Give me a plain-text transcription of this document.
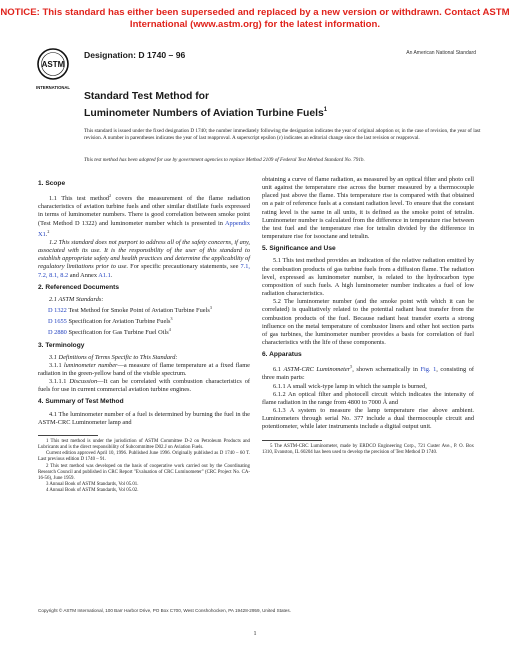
NOTICE: This standard has either been superseded and replaced by a new version or withdrawn. Contact ASTM
International (www.astm.org) for the latest information.
ASTM
INTERNATIONAL
Designation: D 1740 – 96	An American National Standard
Standard Test Method for
Luminometer Numbers of Aviation Turbine Fuels$^1$
This standard is issued under the fixed designation D 1740; the number immediately following the designation indicates the year of original adoption or, in the case of revision, the year of last revision. A number in parentheses indicates the year of last reapproval. A superscript epsilon (ε) indicates an editorial change since the last revision or reapproval.
This test method has been adopted for use by government agencies to replace Method 2109 of Federal Test Method Standard No. 791b.
1. Scope

1.1 This test method$^2$ covers the measurement of the flame radiation characteristics of aviation turbine fuels and other similar distillate fuels expressed in terms of luminometer numbers. There is good correlation between smoke point (Test Method D 1322) and luminometer number which is presented in Appendix X1.$^2$

1.2 This standard does not purport to address all of the safety concerns, if any, associated with its use. It is the responsibility of the user of this standard to establish appropriate safety and health practices and determine the applicability of regulatory limitations prior to use. For specific precautionary statements, see 7.1, 7.2, 8.1, 8.2 and Annex A1.1.

2. Referenced Documents

2.1 ASTM Standards:

D 1322 Test Method for Smoke Point of Aviation Turbine Fuels$^3$

D 1655 Specification for Aviation Turbine Fuels$^3$

D 2880 Specification for Gas Turbine Fuel Oils$^4$

3. Terminology

3.1 Definitions of Terms Specific to This Standard:

3.1.1 luminometer number—a measure of flame temperature at a fixed flame radiation in the green-yellow band of the visible spectrum.

3.1.1.1 Discussion—It can be correlated with combustion characteristics of fuels for use in current commercial aviation turbine engines.

4. Summary of Test Method

4.1 The luminometer number of a fuel is determined by burning the fuel in the ASTM-CRC Luminometer lamp and

1 This test method is under the jurisdiction of ASTM Committee D-2 on Petroleum Products and Lubricants and is the direct responsibility of Subcommittee D02.J on Aviation Fuels.

Current edition approved April 10, 1996. Published June 1996. Originally published as D 1740 – 60 T. Last previous edition D 1740 – 91.

2 This test method was developed on the basis of cooperative work carried out by the Coordinating Research Council and published in CRC Report "Evaluation of CRC Luminometer" (CRC Project No. CA-16-56), June 1959.

3 Annual Book of ASTM Standards, Vol 05.01.

4 Annual Book of ASTM Standards, Vol 05.02.

obtaining a curve of flame radiation, as measured by an optical filter and photo cell unit against the temperature rise across the burner measured by a thermocouple placed just above the flame. This temperature rise is compared with that obtained on a pair of reference fuels at a constant radiation level. To ensure that the constant rating level is the same in all units, it is defined as the smoke point of tetralin. Luminometer number is calculated from the difference in temperature rise between the test fuel and the temperature rise for tetralin divided by the difference in temperature rise for isooctane and tetralin.

5. Significance and Use

5.1 This test method provides an indication of the relative radiation emitted by the combustion products of gas turbine fuels from a diffusion flame. The radiation level, expressed as luminometer number, is related to the hydrocarbon type composition of such fuels. A high luminometer number indicates a fuel of low radiation characteristics.

5.2 The luminometer number (and the smoke point with which it can be correlated) is qualitatively related to the potential radiant heat transfer from the combustion products of the fuel. Because radiant heat transfer exerts a strong influence on the metal temperature of combustor liners and other hot section parts of gas turbines, the luminometer number provides a basis for correlation of fuel characteristics with the life of these components.

6. Apparatus

6.1 ASTM-CRC Luminometer$^5$, shown schematically in Fig. 1, consisting of three main parts:

6.1.1 A small wick-type lamp in which the sample is burned,

6.1.2 An optical filter and photocell circuit which indicates the intensity of flame radiation in the range from 4800 to 7000 Å and

6.1.3 A system to measure the lamp temperature rise above ambient. Luminometers through serial No. 377 include a dual thermocouple circuit and potentiometer, while later instruments include a digital output unit.

5 The ASTM-CRC Luminometer, made by ERDCO Engineering Corp., 721 Custer Ave., P. O. Box 1310, Evanston, IL 60204 has been used to develop the precision of Test Method D 1740.

Copyright © ASTM International, 100 Barr Harbor Drive, PO Box C700, West Conshohocken, PA 19428-2959, United States.
1
